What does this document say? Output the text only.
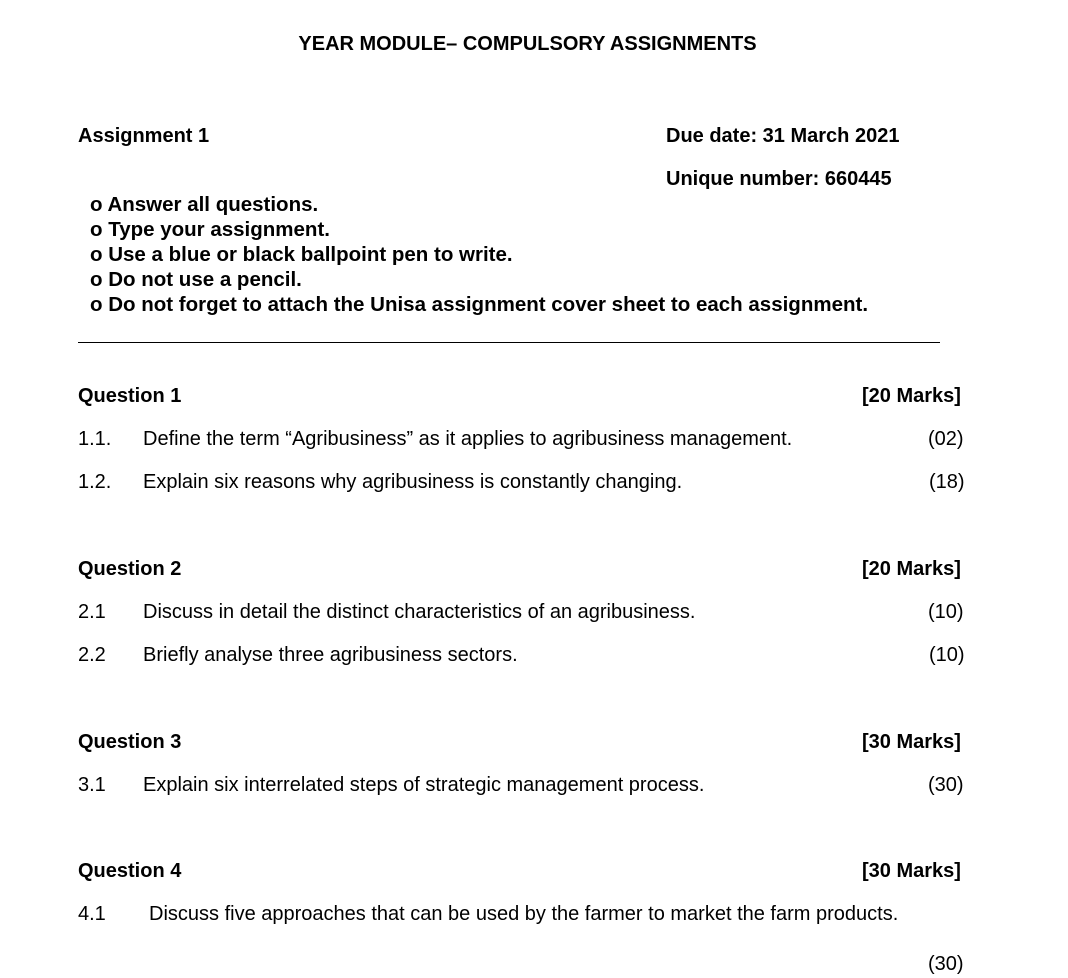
YEAR MODULE– COMPULSORY ASSIGNMENTS
Assignment 1	Due date: 31 March 2021
Unique number: 660445
o Answer all questions.
o Type your assignment.
o Use a blue or black ballpoint pen to write.
o Do not use a pencil.
o Do not forget to attach the Unisa assignment cover sheet to each assignment.
Question 1	[20 Marks]
1.1. Define the term “Agribusiness” as it applies to agribusiness management.	(02)
1.2. Explain six reasons why agribusiness is constantly changing.	(18)
Question 2	[20 Marks]
2.1 Discuss in detail the distinct characteristics of an agribusiness.	(10)
2.2 Briefly analyse three agribusiness sectors.	(10)
Question 3	[30 Marks]
3.1 Explain six interrelated steps of strategic management process.	(30)
Question 4	[30 Marks]
4.1 Discuss five approaches that can be used by the farmer to market the farm products.
(30)
